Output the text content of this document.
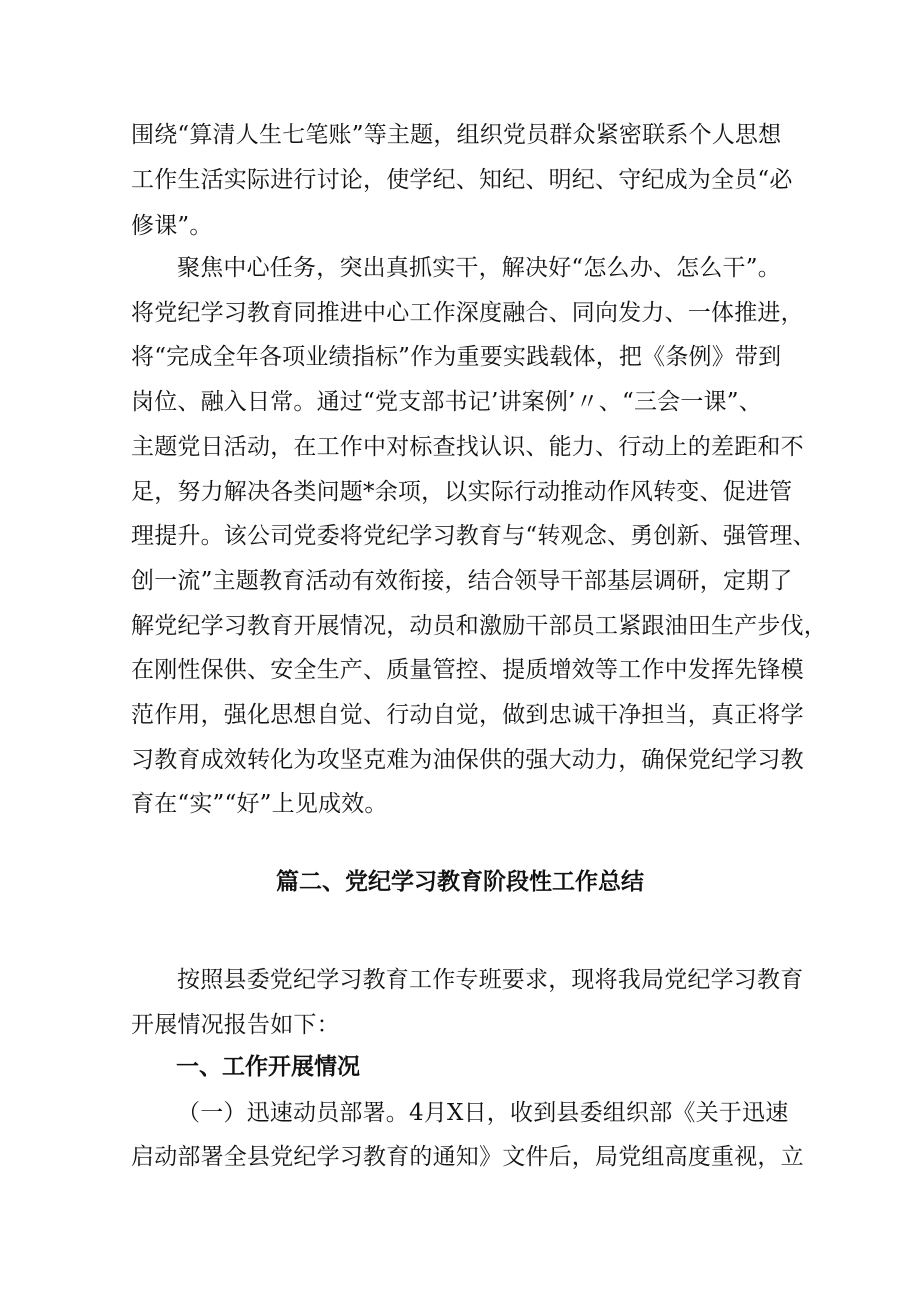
围绕“算清人生七笔账”等主题，组织党员群众紧密联系个人思想
工作生活实际进行讨论，使学纪、知纪、明纪、守纪成为全员“必
修课”。
聚焦中心任务，突出真抓实干，解决好“怎么办、怎么干”。
将党纪学习教育同推进中心工作深度融合、同向发力、一体推进，
将“完成全年各项业绩指标”作为重要实践载体，把《条例》带到
岗位、融入日常。通过“党支部书记’讲案例’〃、“三会一课”、
主题党日活动，在工作中对标查找认识、能力、行动上的差距和不
足，努力解决各类问题*余项，以实际行动推动作风转变、促进管
理提升。该公司党委将党纪学习教育与“转观念、勇创新、强管理、
创一流”主题教育活动有效衔接，结合领导干部基层调研，定期了
解党纪学习教育开展情况，动员和激励干部员工紧跟油田生产步伐，
在刚性保供、安全生产、质量管控、提质增效等工作中发挥先锋模
范作用，强化思想自觉、行动自觉，做到忠诚干净担当，真正将学
习教育成效转化为攻坚克难为油保供的强大动力，确保党纪学习教
育在“实”“好”上见成效。
篇二、党纪学习教育阶段性工作总结
按照县委党纪学习教育工作专班要求，现将我局党纪学习教育
开展情况报告如下：
一、工作开展情况
（一）迅速动员部署。4月X日，收到县委组织部《关于迅速
启动部署全县党纪学习教育的通知》文件后，局党组高度重视，立
